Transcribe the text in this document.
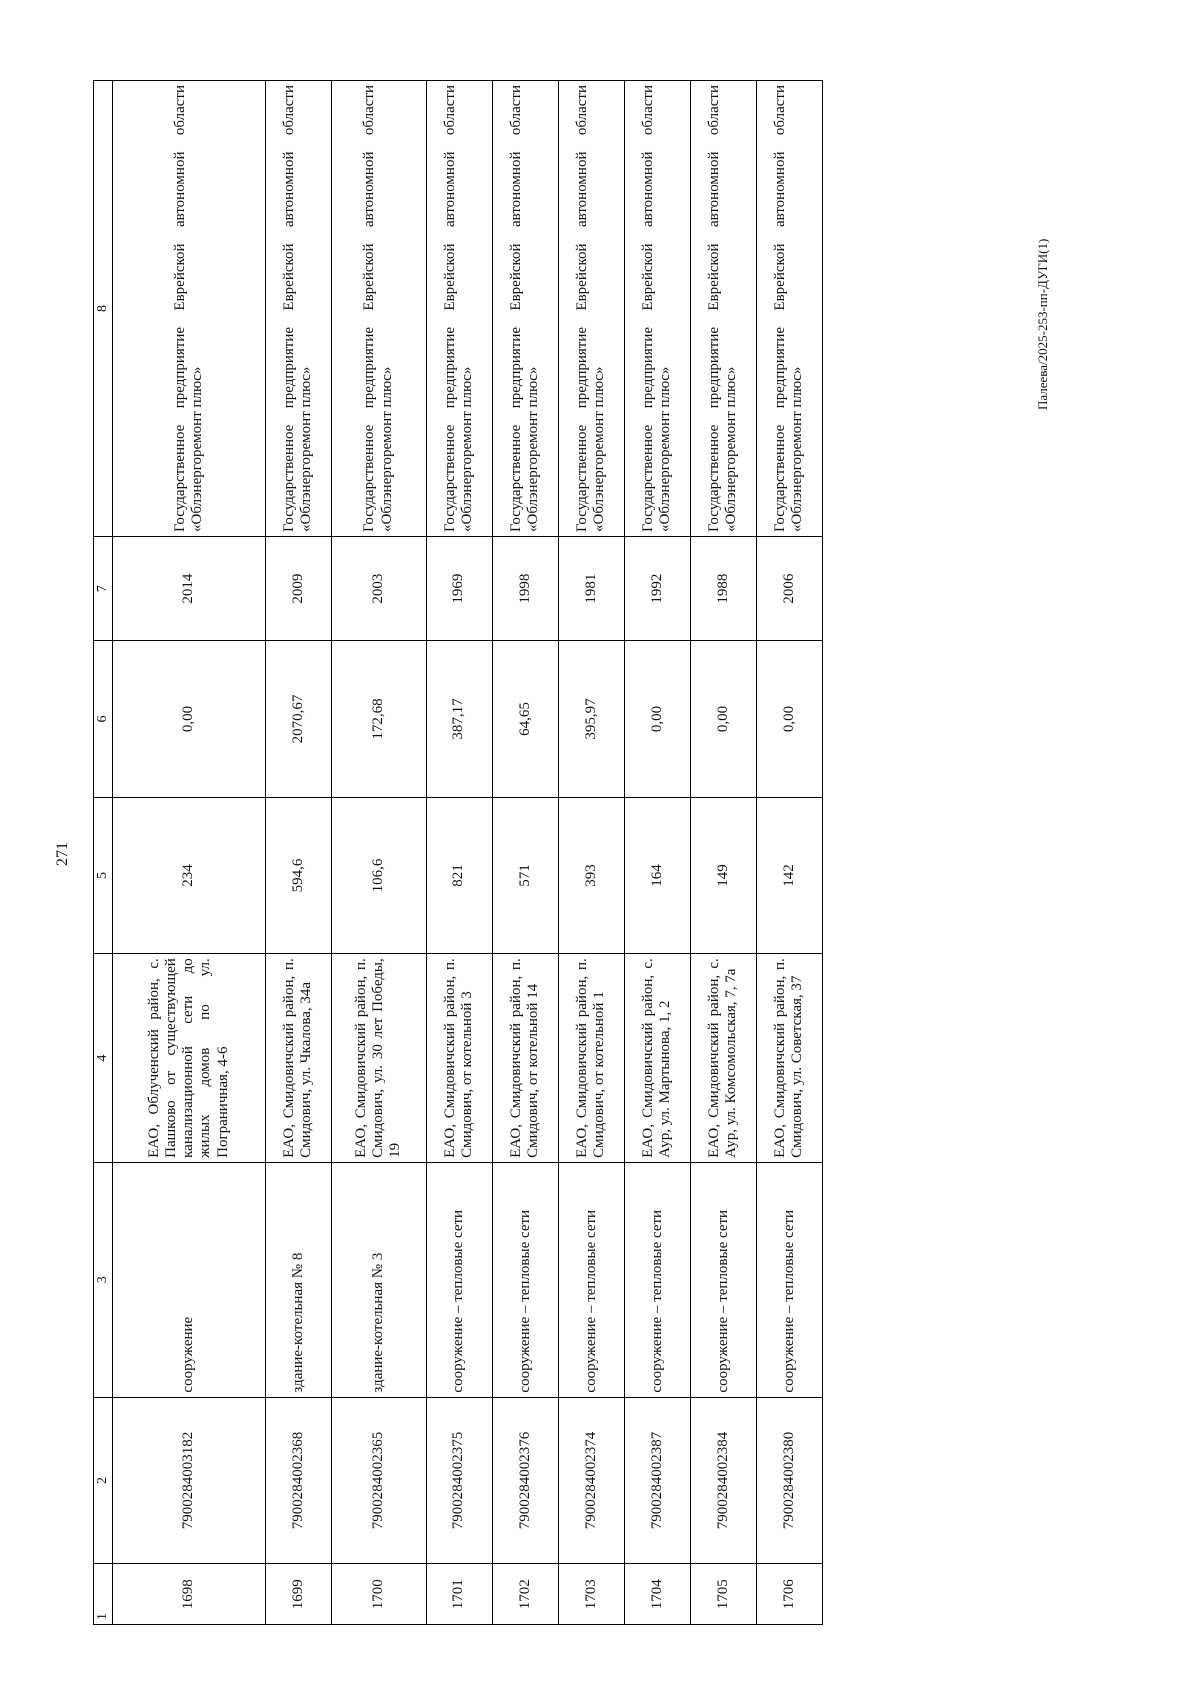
271
1	2	3	4	5	6	7	8
1698	7900284003182	сооружение	ЕАО, Облученский район, с. Пашково от существующей канализационной сети до жилых домов по ул. Пограничная, 4-6	234	0,00	2014	Государственное предприятие Еврейской автономной области «Облэнергоремонт плюс»
1699	7900284002368	здание-котельная № 8	ЕАО, Смидовичский район, п. Смидович, ул. Чкалова, 34а	594,6	2070,67	2009	Государственное предприятие Еврейской автономной области «Облэнергоремонт плюс»
1700	7900284002365	здание-котельная № 3	ЕАО, Смидовичский район, п. Смидович, ул. 30 лет Победы, 19	106,6	172,68	2003	Государственное предприятие Еврейской автономной области «Облэнергоремонт плюс»
1701	7900284002375	сооружение – тепловые сети	ЕАО, Смидовичский район, п. Смидович, от котельной 3	821	387,17	1969	Государственное предприятие Еврейской автономной области «Облэнергоремонт плюс»
1702	7900284002376	сооружение – тепловые сети	ЕАО, Смидовичский район, п. Смидович, от котельной 14	571	64,65	1998	Государственное предприятие Еврейской автономной области «Облэнергоремонт плюс»
1703	7900284002374	сооружение – тепловые сети	ЕАО, Смидовичский район, п. Смидович, от котельной 1	393	395,97	1981	Государственное предприятие Еврейской автономной области «Облэнергоремонт плюс»
1704	7900284002387	сооружение – тепловые сети	ЕАО, Смидовичский район, с. Аур, ул. Мартынова, 1, 2	164	0,00	1992	Государственное предприятие Еврейской автономной области «Облэнергоремонт плюс»
1705	7900284002384	сооружение – тепловые сети	ЕАО, Смидовичский район, с. Аур, ул. Комсомольская, 7, 7а	149	0,00	1988	Государственное предприятие Еврейской автономной области «Облэнергоремонт плюс»
1706	7900284002380	сооружение – тепловые сети	ЕАО, Смидовичский район, п. Смидович, ул. Советская, 37	142	0,00	2006	Государственное предприятие Еврейской автономной области «Облэнергоремонт плюс»
Палеева/2025-253-пп-ДУГИ(1)
